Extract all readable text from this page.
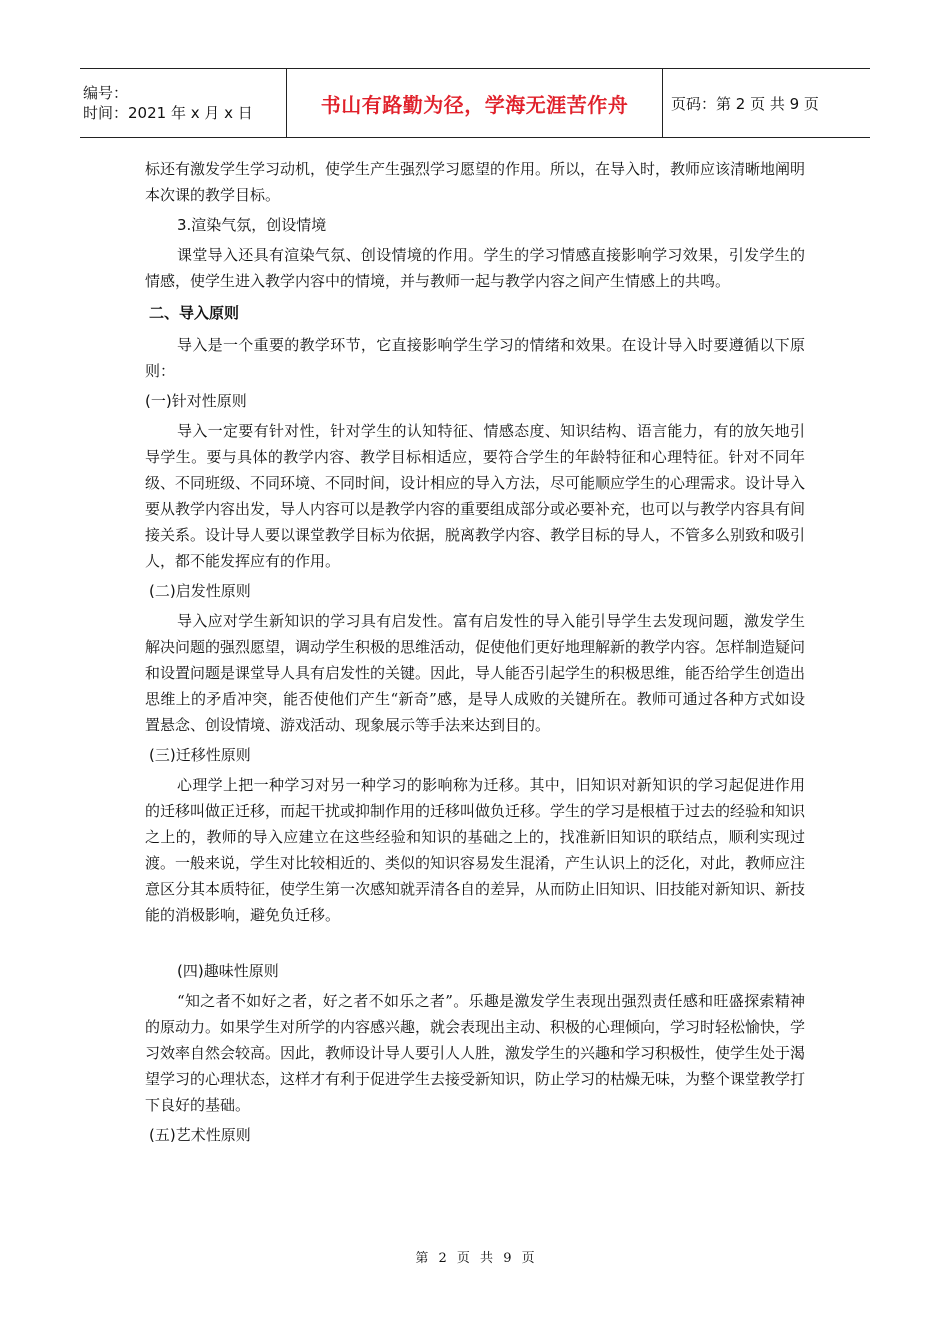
编号：
时间：2021 年 x 月 x 日	书山有路勤为径，学海无涯苦作舟	页码：第 2 页 共 9 页

标还有激发学生学习动机，使学生产生强烈学习愿望的作用。所以，在导入时，教师应该清晰地阐明本次课的教学目标。

3.渲染气氛，创设情境

课堂导入还具有渲染气氛、创设情境的作用。学生的学习情感直接影响学习效果，引发学生的情感，使学生进入教学内容中的情境，并与教师一起与教学内容之间产生情感上的共鸣。

二、导入原则

导入是一个重要的教学环节，它直接影响学生学习的情绪和效果。在设计导入时要遵循以下原则：

(一)针对性原则

导入一定要有针对性，针对学生的认知特征、情感态度、知识结构、语言能力，有的放矢地引导学生。要与具体的教学内容、教学目标相适应，要符合学生的年龄特征和心理特征。针对不同年级、不同班级、不同环境、不同时间，设计相应的导入方法，尽可能顺应学生的心理需求。设计导入要从教学内容出发，导人内容可以是教学内容的重要组成部分或必要补充，也可以与教学内容具有间接关系。设计导人要以课堂教学目标为依据，脱离教学内容、教学目标的导人，不管多么别致和吸引人，都不能发挥应有的作用。

(二)启发性原则

导入应对学生新知识的学习具有启发性。富有启发性的导入能引导学生去发现问题，激发学生解决问题的强烈愿望，调动学生积极的思维活动，促使他们更好地理解新的教学内容。怎样制造疑问和设置问题是课堂导人具有启发性的关键。因此，导人能否引起学生的积极思维，能否给学生创造出思维上的矛盾冲突，能否使他们产生“新奇”感，是导人成败的关键所在。教师可通过各种方式如设置悬念、创设情境、游戏活动、现象展示等手法来达到目的。

(三)迁移性原则

心理学上把一种学习对另一种学习的影响称为迁移。其中，旧知识对新知识的学习起促进作用的迁移叫做正迁移，而起干扰或抑制作用的迁移叫做负迁移。学生的学习是根植于过去的经验和知识之上的，教师的导入应建立在这些经验和知识的基础之上的，找准新旧知识的联结点，顺利实现过渡。一般来说，学生对比较相近的、类似的知识容易发生混淆，产生认识上的泛化，对此，教师应注意区分其本质特征，使学生第一次感知就弄清各自的差异，从而防止旧知识、旧技能对新知识、新技能的消极影响，避免负迁移。

(四)趣味性原则

“知之者不如好之者，好之者不如乐之者”。乐趣是激发学生表现出强烈责任感和旺盛探索精神的原动力。如果学生对所学的内容感兴趣，就会表现出主动、积极的心理倾向，学习时轻松愉快，学习效率自然会较高。因此，教师设计导人要引人人胜，激发学生的兴趣和学习积极性，使学生处于渴望学习的心理状态，这样才有利于促进学生去接受新知识，防止学习的枯燥无味，为整个课堂教学打下良好的基础。

(五)艺术性原则

第 2 页 共 9 页
